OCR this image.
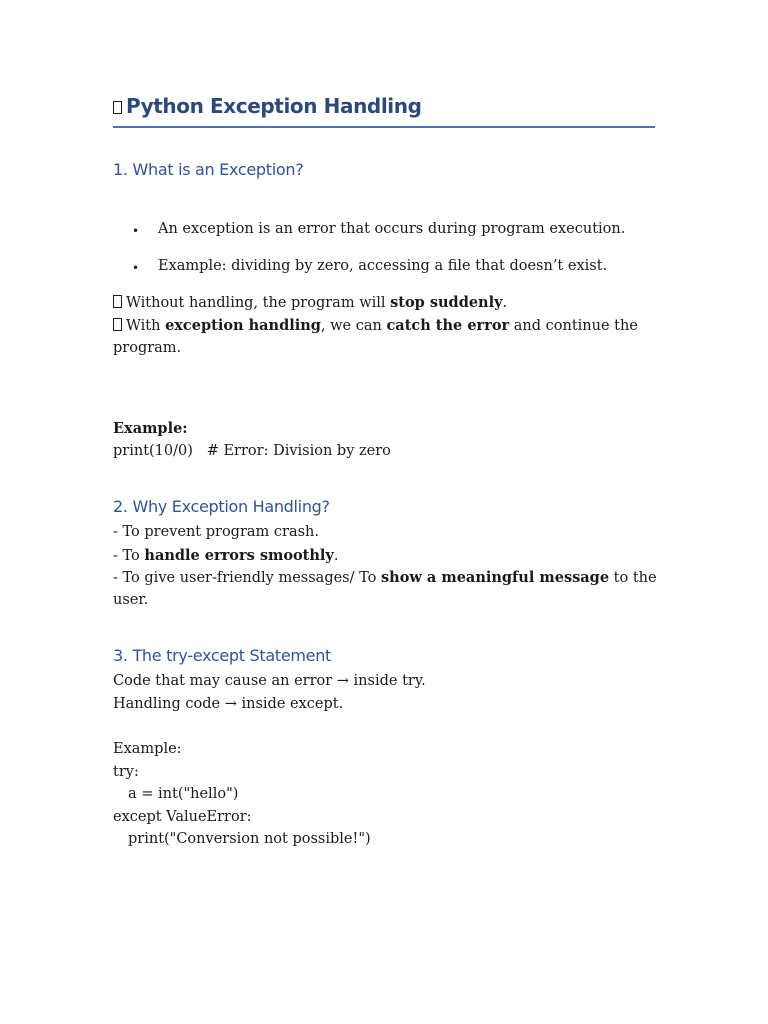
Python Exception Handling
1. What is an Exception?
• An exception is an error that occurs during program execution.
• Example: dividing by zero, accessing a file that doesn’t exist.
Without handling, the program will stop suddenly.
With exception handling, we can catch the error and continue the
program.
Example:
print(10/0)   # Error: Division by zero
2. Why Exception Handling?
- To prevent program crash.
- To handle errors smoothly.
- To give user-friendly messages/ To show a meaningful message to the
user.
3. The try-except Statement
Code that may cause an error → inside try.
Handling code → inside except.
Example:
try:
a = int("hello")
except ValueError:
print("Conversion not possible!")
